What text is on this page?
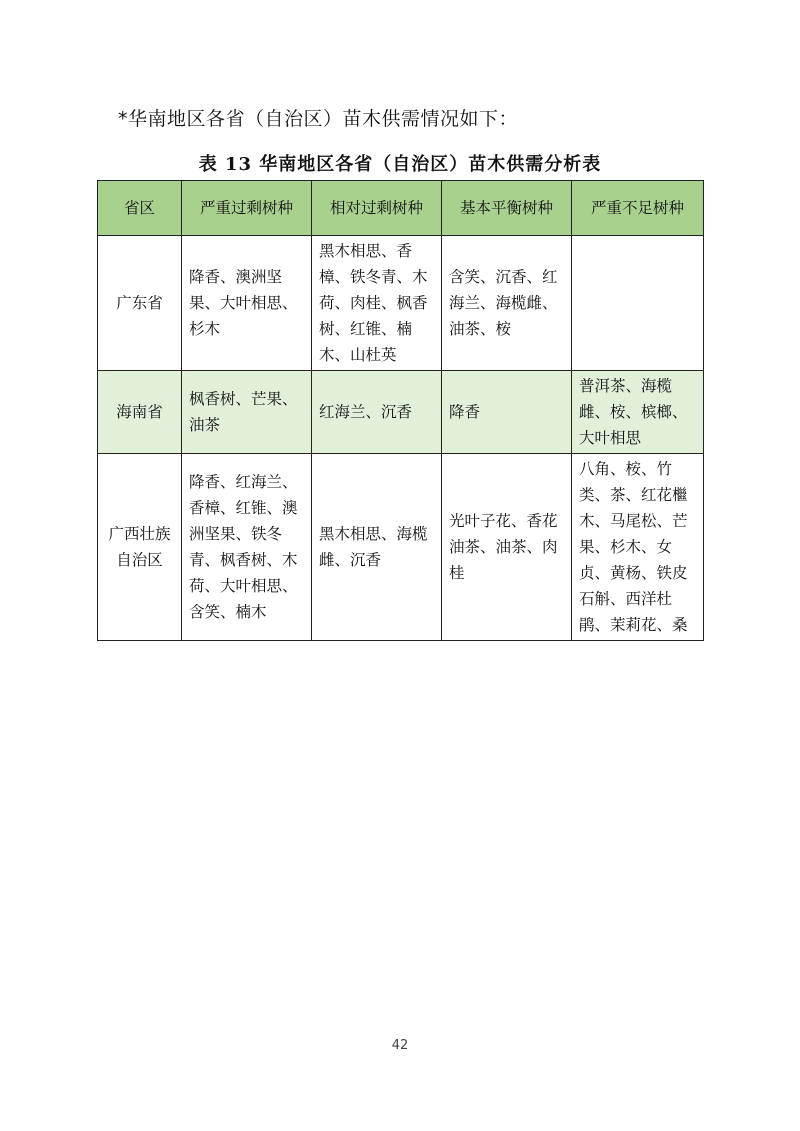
*华南地区各省（自治区）苗木供需情况如下：
表 13 华南地区各省（自治区）苗木供需分析表
省区	严重过剩树种	相对过剩树种	基本平衡树种	严重不足树种
广东省	降香、澳洲坚果、大叶相思、杉木	黑木相思、香樟、铁冬青、木荷、肉桂、枫香树、红锥、楠木、山杜英	含笑、沉香、红海兰、海榄雌、油茶、桉	
海南省	枫香树、芒果、油茶	红海兰、沉香	降香	普洱茶、海榄雌、桉、槟榔、大叶相思
广西壮族自治区	降香、红海兰、香樟、红锥、澳洲坚果、铁冬青、枫香树、木荷、大叶相思、含笑、楠木	黑木相思、海榄雌、沉香	光叶子花、香花油茶、油茶、肉桂	八角、桉、竹类、茶、红花檵木、马尾松、芒果、杉木、女贞、黄杨、铁皮石斛、西洋杜鹃、茉莉花、桑
42
